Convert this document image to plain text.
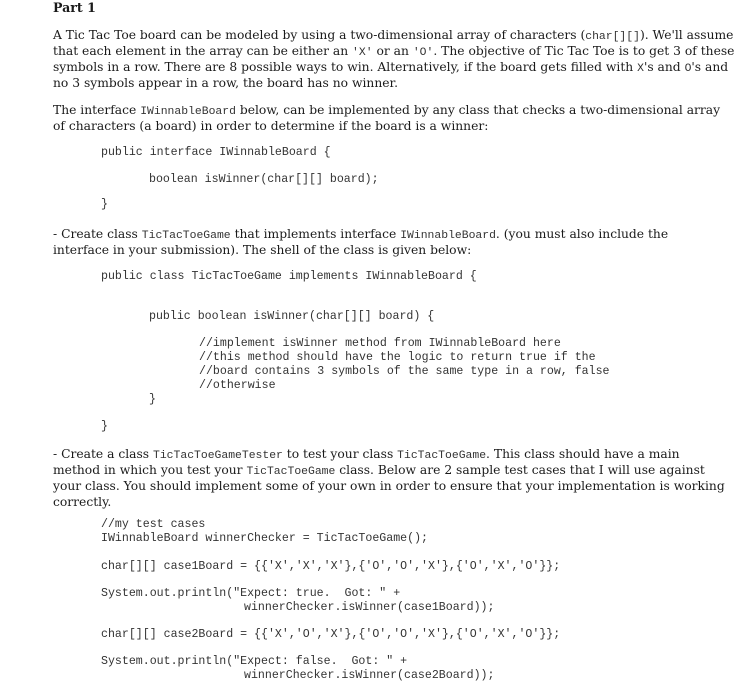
Part 1
A Tic Tac Toe board can be modeled by using a two-dimensional array of characters (char[][]). We'll assume
that each element in the array can be either an 'X' or an 'O'. The objective of Tic Tac Toe is to get 3 of these
symbols in a row. There are 8 possible ways to win. Alternatively, if the board gets filled with X's and O's and
no 3 symbols appear in a row, the board has no winner.
The interface IWinnableBoard below, can be implemented by any class that checks a two-dimensional array
of characters (a board) in order to determine if the board is a winner:
public interface IWinnableBoard {
boolean isWinner(char[][] board);
}
- Create class TicTacToeGame that implements interface IWinnableBoard. (you must also include the
interface in your submission). The shell of the class is given below:
public class TicTacToeGame implements IWinnableBoard {
public boolean isWinner(char[][] board) {
//implement isWinner method from IWinnableBoard here
//this method should have the logic to return true if the
//board contains 3 symbols of the same type in a row, false
//otherwise
}
}
- Create a class TicTacToeGameTester to test your class TicTacToeGame. This class should have a main
method in which you test your TicTacToeGame class. Below are 2 sample test cases that I will use against
your class. You should implement some of your own in order to ensure that your implementation is working
correctly.
//my test cases
IWinnableBoard winnerChecker = TicTacToeGame();
char[][] case1Board = {{'X','X','X'},{'O','O','X'},{'O','X','O'}};
System.out.println("Expect: true.  Got: " +
winnerChecker.isWinner(case1Board));
char[][] case2Board = {{'X','O','X'},{'O','O','X'},{'O','X','O'}};
System.out.println("Expect: false.  Got: " +
winnerChecker.isWinner(case2Board));
